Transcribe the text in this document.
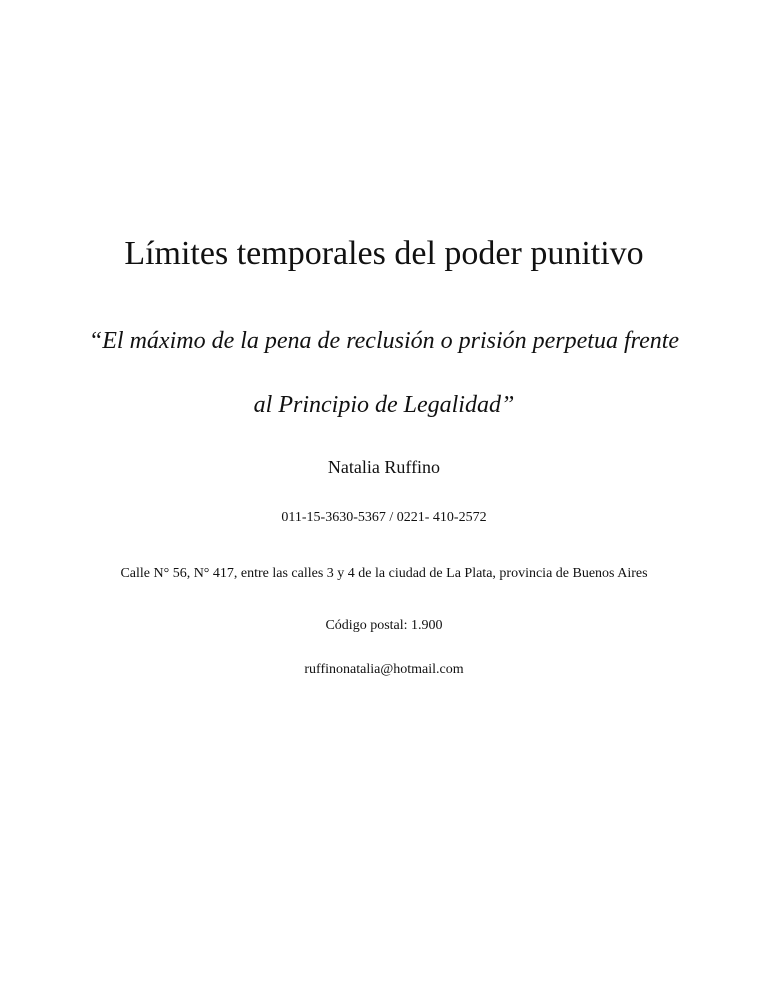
Límites temporales del poder punitivo
“El máximo de la pena de reclusión o prisión perpetua frente
al Principio de Legalidad”
Natalia Ruffino
011-15-3630-5367 / 0221- 410-2572
Calle N° 56, N° 417, entre las calles 3 y 4 de la ciudad de La Plata, provincia de Buenos Aires
Código postal: 1.900
ruffinonatalia@hotmail.com
